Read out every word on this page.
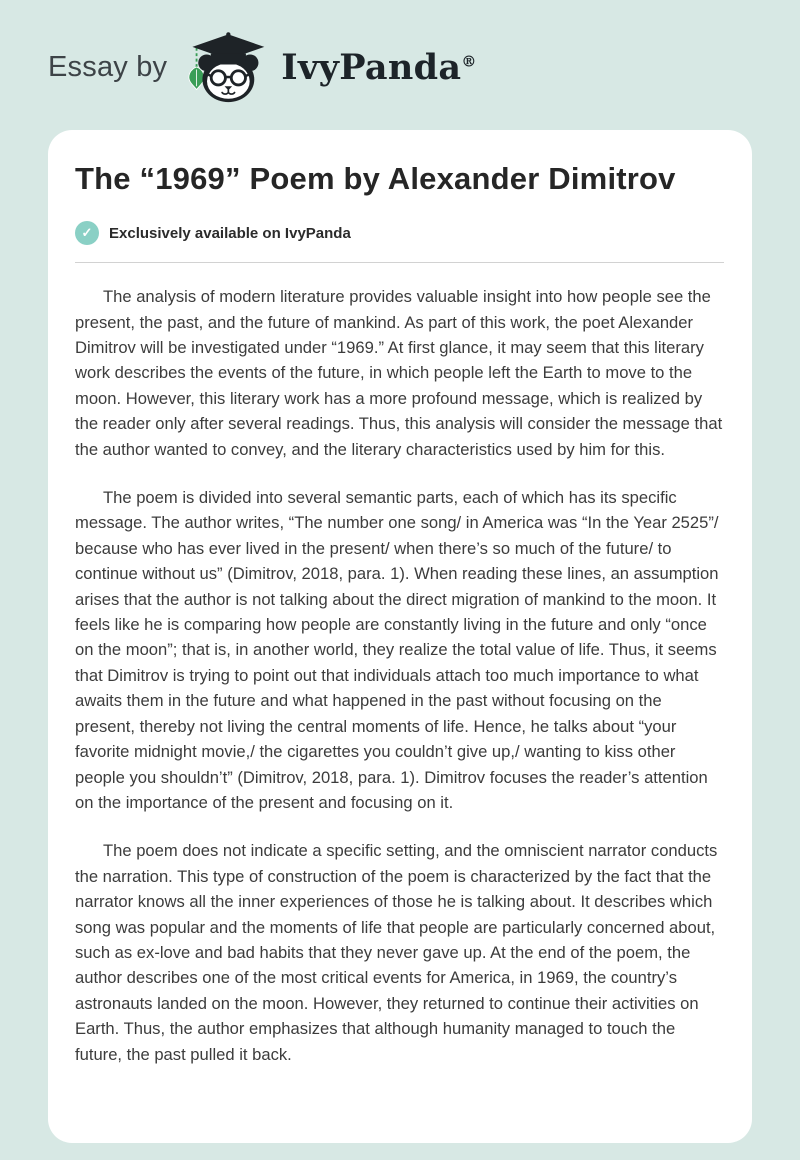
Essay by	IvyPanda®
The “1969” Poem by Alexander Dimitrov
✓	Exclusively available on IvyPanda

The analysis of modern literature provides valuable insight into how people see the present, the past, and the future of mankind. As part of this work, the poet Alexander Dimitrov will be investigated under “1969.” At first glance, it may seem that this literary work describes the events of the future, in which people left the Earth to move to the moon. However, this literary work has a more profound message, which is realized by the reader only after several readings. Thus, this analysis will consider the message that the author wanted to convey, and the literary characteristics used by him for this.

The poem is divided into several semantic parts, each of which has its specific message. The author writes, “The number one song/ in America was “In the Year 2525”/ because who has ever lived in the present/ when there’s so much of the future/ to continue without us” (Dimitrov, 2018, para. 1). When reading these lines, an assumption arises that the author is not talking about the direct migration of mankind to the moon. It feels like he is comparing how people are constantly living in the future and only “once on the moon”; that is, in another world, they realize the total value of life. Thus, it seems that Dimitrov is trying to point out that individuals attach too much importance to what awaits them in the future and what happened in the past without focusing on the present, thereby not living the central moments of life. Hence, he talks about “your favorite midnight movie,/ the cigarettes you couldn’t give up,/ wanting to kiss other people you shouldn’t” (Dimitrov, 2018, para. 1). Dimitrov focuses the reader’s attention on the importance of the present and focusing on it.

The poem does not indicate a specific setting, and the omniscient narrator conducts the narration. This type of construction of the poem is characterized by the fact that the narrator knows all the inner experiences of those he is talking about. It describes which song was popular and the moments of life that people are particularly concerned about, such as ex-love and bad habits that they never gave up. At the end of the poem, the author describes one of the most critical events for America, in 1969, the country’s astronauts landed on the moon. However, they returned to continue their activities on Earth. Thus, the author emphasizes that although humanity managed to touch the future, the past pulled it back.
